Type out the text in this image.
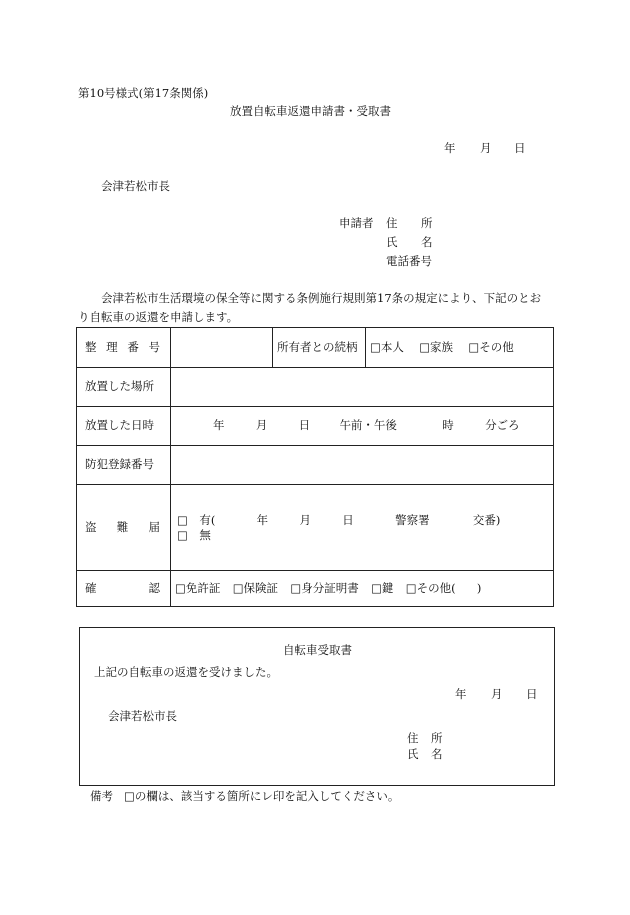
第10号様式(第17条関係)
放置自転車返還申請書・受取書
年 月 日
会津若松市長
申請者 住 所
氏 名
電話番号
会津若松市生活環境の保全等に関する条例施行規則第17条の規定により、下記のとお
り自転車の返還を申請します。
整理番号		所有者との続柄	□本人 □家族 □その他
放置した場所			
放置した日時	年 月 日 午前・午後 時 分ごろ		
防犯登録番号			
盗難届	□　有( 年 月 日 警察署 交番)
□　無		

確認	□免許証 □保険証 □身分証明書 □鍵 □その他( )		
自転車受取書
上記の自転車の返還を受けました。
年 月 日
会津若松市長
住 所
氏 名
備考 □の欄は、該当する箇所にレ印を記入してください。
